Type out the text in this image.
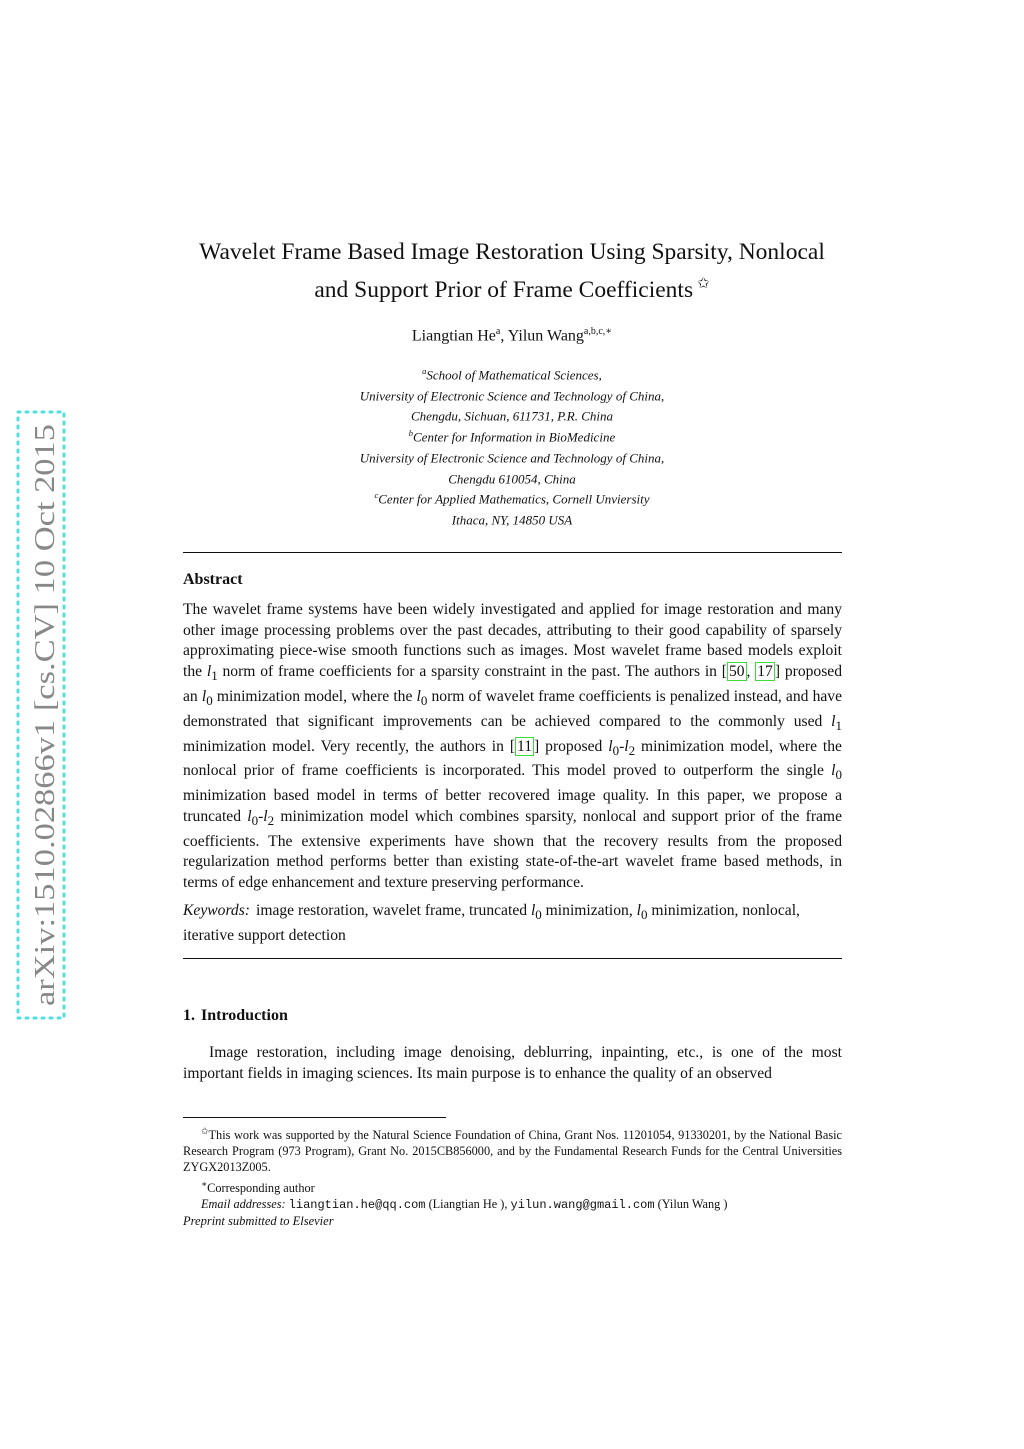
arXiv:1510.02866v1 [cs.CV] 10 Oct 2015
Wavelet Frame Based Image Restoration Using Sparsity, Nonlocal
and Support Prior of Frame Coefficients ✩
Liangtian He$^a$, Yilun Wang$^{a,b,c,∗}$
$^a$School of Mathematical Sciences,
University of Electronic Science and Technology of China,
Chengdu, Sichuan, 611731, P.R. China
$^b$Center for Information in BioMedicine
University of Electronic Science and Technology of China,
Chengdu 610054, China
$^c$Center for Applied Mathematics, Cornell Unviersity
Ithaca, NY, 14850 USA
Abstract
The wavelet frame systems have been widely investigated and applied for image restoration and many other image processing problems over the past decades, attributing to their good capability of sparsely approximating piece-wise smooth functions such as images. Most wavelet frame based models exploit the $l_1$ norm of frame coefficients for a sparsity constraint in the past. The authors in [ 50 , 17 ] proposed an $l_0$ minimization model, where the $l_0$ norm of wavelet frame coefficients is penalized instead, and have demonstrated that significant improvements can be achieved compared to the commonly used $l_1$ minimization model. Very recently, the authors in [ 11 ] proposed $l_0-l_2$ minimization model, where the nonlocal prior of frame coefficients is incorporated. This model proved to outperform the single $l_0$ minimization based model in terms of better recovered image quality. In this paper, we propose a truncated $l_0-l_2$ minimization model which combines sparsity, nonlocal and support prior of the frame coefficients. The extensive experiments have shown that the recovery results from the proposed regularization method performs better than existing state-of-the-art wavelet frame based methods, in terms of edge enhancement and texture preserving performance.
Keywords: image restoration, wavelet frame, truncated $l_0$ minimization, $l_0$ minimization, nonlocal, iterative support detection
1. Introduction
Image restoration, including image denoising, deblurring, inpainting, etc., is one of the most important fields in imaging sciences. Its main purpose is to enhance the quality of an observed
✩This work was supported by the Natural Science Foundation of China, Grant Nos. 11201054, 91330201, by the National Basic Research Program (973 Program), Grant No. 2015CB856000, and by the Fundamental Research Funds for the Central Universities ZYGX2013Z005.
∗Corresponding author
Email addresses: liangtian.he@qq.com (Liangtian He ), yilun.wang@gmail.com (Yilun Wang )
Preprint submitted to Elsevier
